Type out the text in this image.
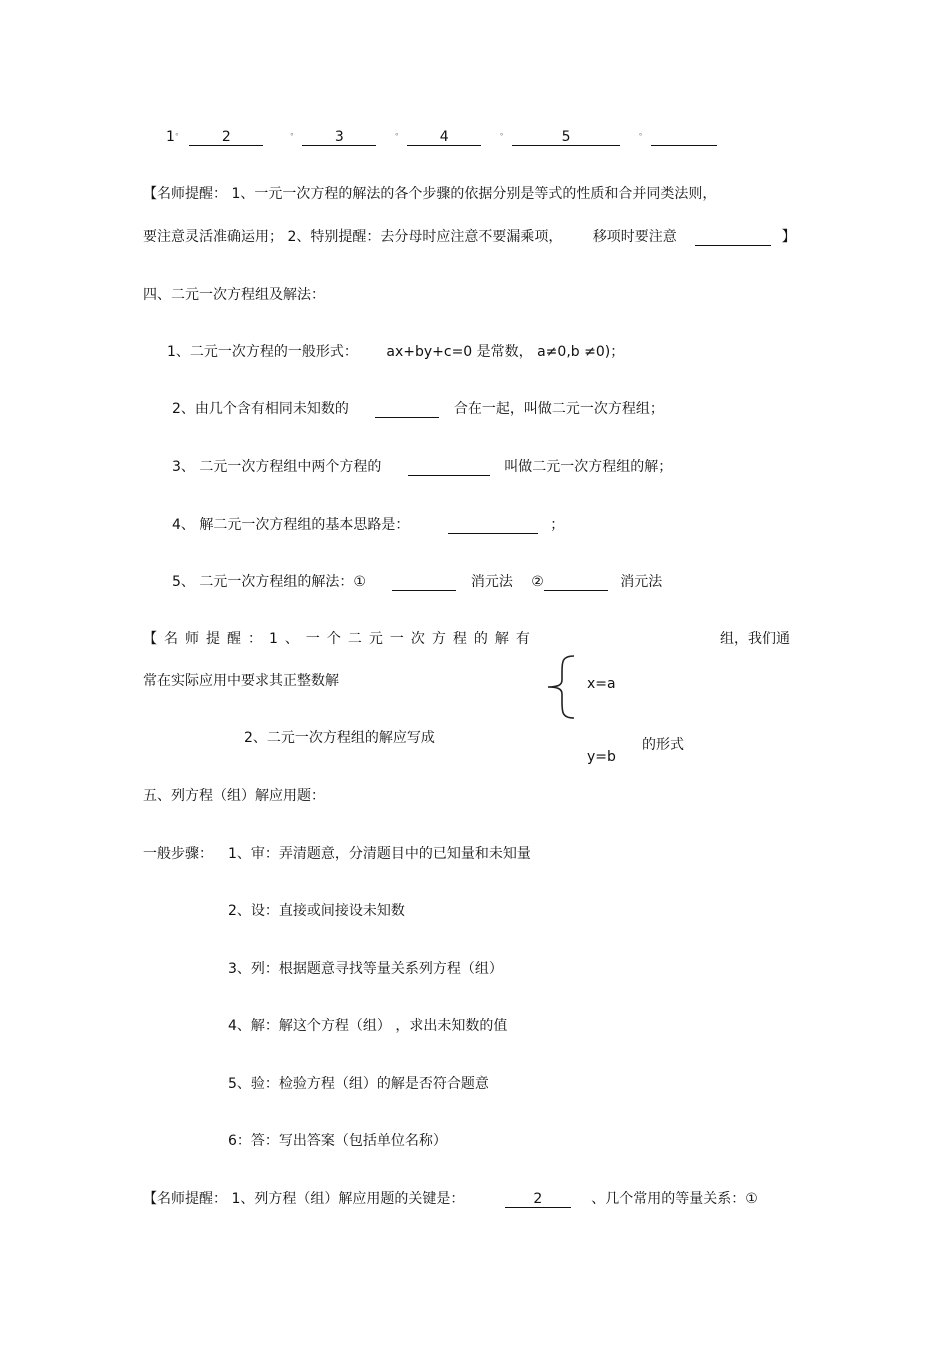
1°	2	°	3	°	4	°	5	°
【名师提醒： 1、一元一次方程的解法的各个步骤的依据分别是等式的性质和合并同类法则，
要注意灵活准确运用； 2、特别提醒：去分母时应注意不要漏乘项， 移项时要注意	】
四、二元一次方程组及解法：
1、二元一次方程的一般形式： ax+by+c=0 是常数， a≠0,b ≠0)；
2、由几个含有相同未知数的	合在一起，叫做二元一次方程组；
3、 二元一次方程组中两个方程的	叫做二元一次方程组的解；
4、 解二元一次方程组的基本思路是：	；
5、 二元一次方程组的解法：①	消元法 ②	消元法
【名师提醒：1、一个二元一次方程的解有	组，我们通
常在实际应用中要求其正整数解	x=a
2、二元一次方程组的解应写成
y=b
的形式
五、列方程（组）解应用题：
一般步骤： 1、审：弄清题意，分清题目中的已知量和未知量
2、设：直接或间接设未知数
3、列：根据题意寻找等量关系列方程（组）
4、解：解这个方程（组） ，求出未知数的值
5、验：检验方程（组）的解是否符合题意
6：答：写出答案（包括单位名称）
【名师提醒： 1、列方程（组）解应用题的关键是：	2	、几个常用的等量关系：①
